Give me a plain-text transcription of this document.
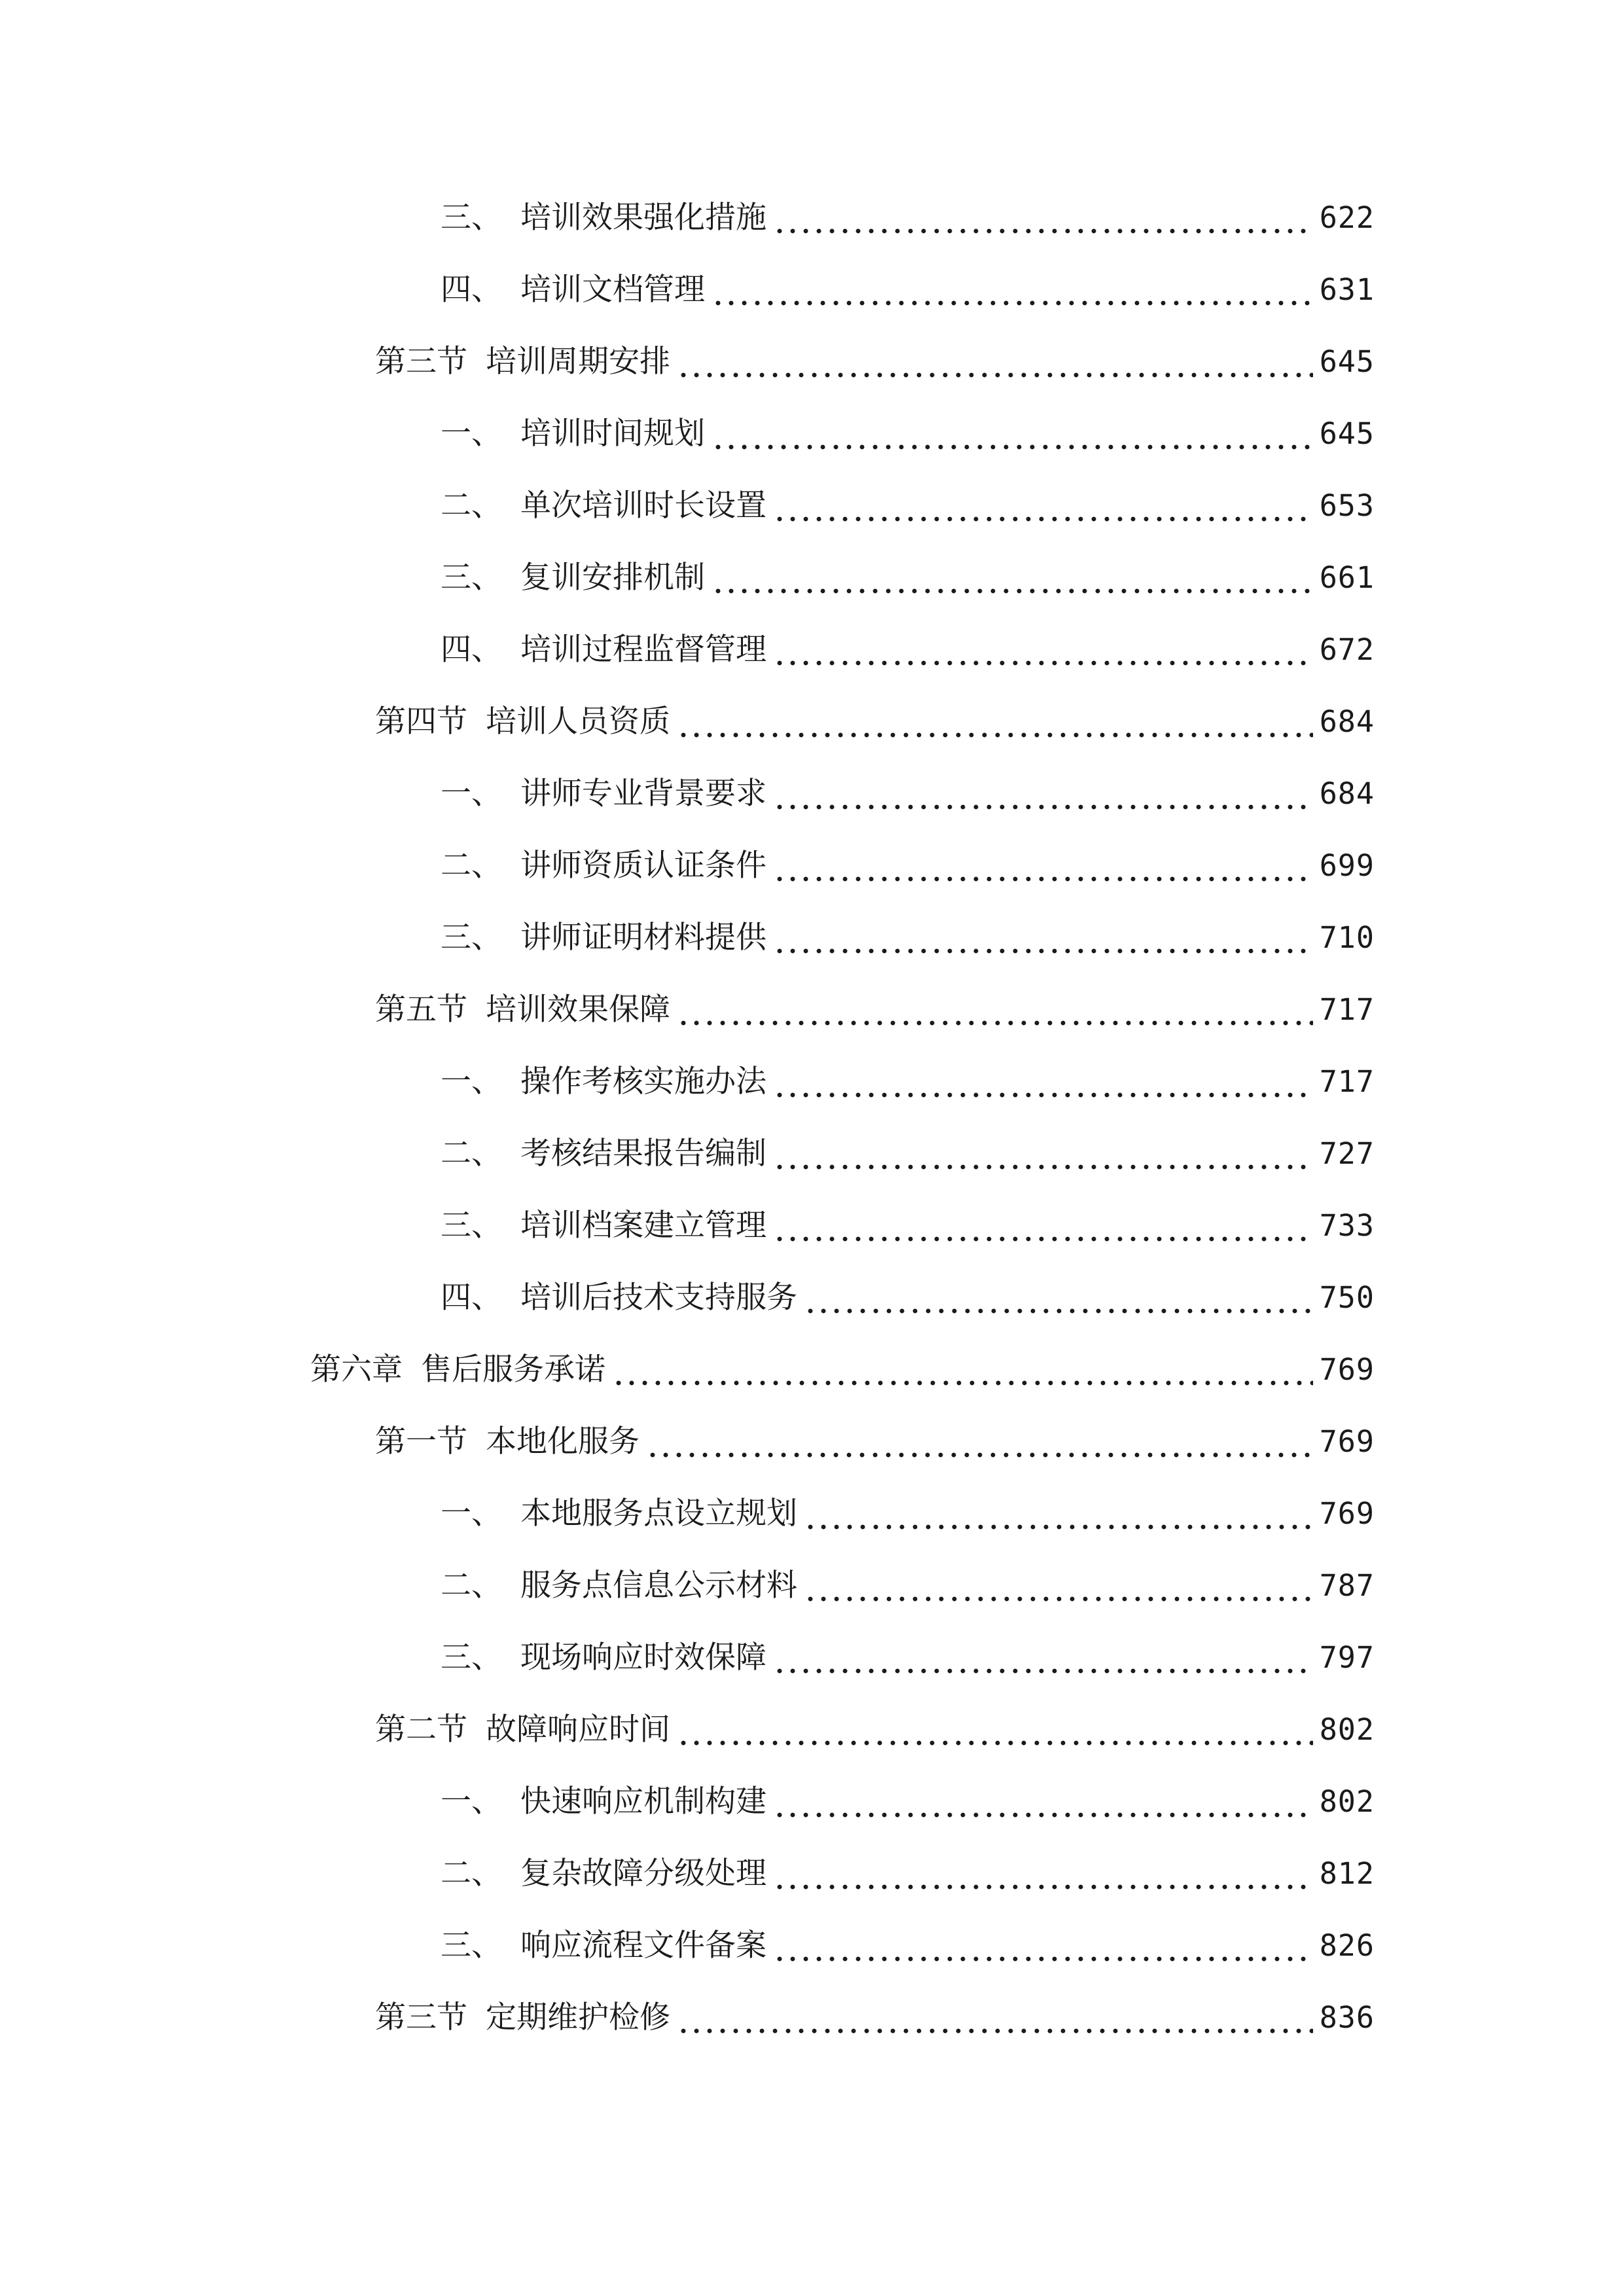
三、 培训效果强化措施	622
四、 培训文档管理	631
第三节 培训周期安排	645
一、 培训时间规划	645
二、 单次培训时长设置	653
三、 复训安排机制	661
四、 培训过程监督管理	672
第四节 培训人员资质	684
一、 讲师专业背景要求	684
二、 讲师资质认证条件	699
三、 讲师证明材料提供	710
第五节 培训效果保障	717
一、 操作考核实施办法	717
二、 考核结果报告编制	727
三、 培训档案建立管理	733
四、 培训后技术支持服务	750
第六章 售后服务承诺	769
第一节 本地化服务	769
一、 本地服务点设立规划	769
二、 服务点信息公示材料	787
三、 现场响应时效保障	797
第二节 故障响应时间	802
一、 快速响应机制构建	802
二、 复杂故障分级处理	812
三、 响应流程文件备案	826
第三节 定期维护检修	836
